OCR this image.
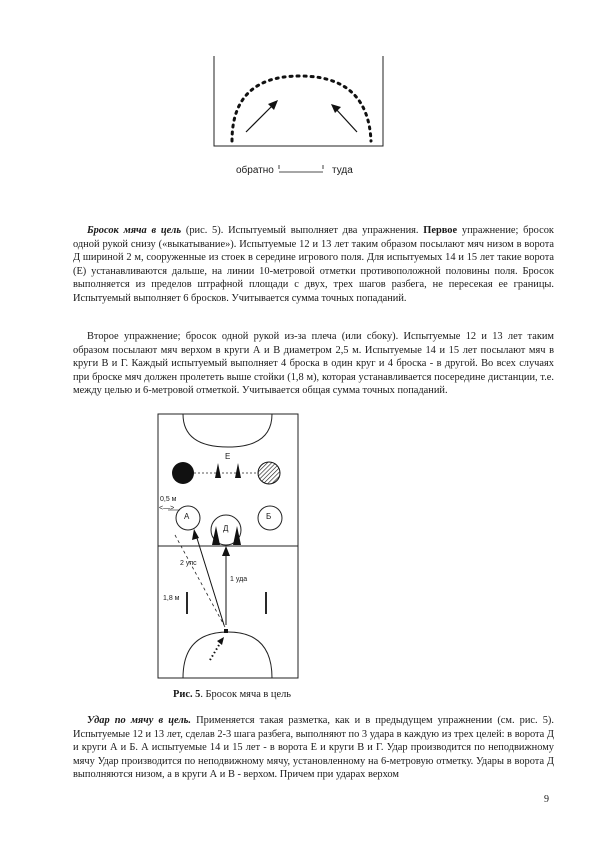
обратно	туда
Бросок мяча в цель (рис. 5). Испытуемый выполняет два упражнения. Первое упражнение; бросок одной рукой снизу («выкатывание»). Испытуемые 12 и 13 лет таким образом посылают мяч низом в ворота Д шириной 2 м, сооруженные из стоек в середине игрового поля. Для испытуемых 14 и 15 лет такие ворота (Е) устанавливаются дальше, на линии 10-метровой отметки противоположной половины поля. Бросок выполняется из пределов штрафной площади с двух, трех шагов разбега, не пересекая ее границы. Испытуемый выполняет 6 бросков. Учитывается сумма точных попаданий.
Второе упражнение; бросок одной рукой из-за плеча (или сбоку). Испытуемые 12 и 13 лет таким образом посылают мяч верхом в круги А и В диаметром 2,5 м. Испытуемые 14 и 15 лет посылают мяч в круги В и Г. Каждый испытуемый выполняет 4 броска в один круг и 4 броска - в другой. Во всех случаях при броске мяч должен пролететь выше стойки (1,8 м), которая устанавливается посередине дистанции, т.е. между целью и 6-метровой отметкой. Учитывается общая сумма точных попаданий.
Е
А	Б
Д
0,5 м
<—>
2 упс
1 уда
1,8 м
Рис. 5. Бросок мяча в цель
Удар по мячу в цель. Применяется такая разметка, как и в предыдущем упражнении (см. рис. 5). Испытуемые 12 и 13 лет, сделав 2-3 шага разбега, выполняют по 3 удара в каждую из трех целей: в ворота Д и круги А и Б. А испытуемые 14 и 15 лет - в ворота Е и круги В и Г. Удар производится по неподвижному мячу Удар производится по неподвижному мячу, установленному на 6-метровую отметку. Удары в ворота Д выполняются низом, а в круги А и В - верхом. Причем при ударах верхом
9
